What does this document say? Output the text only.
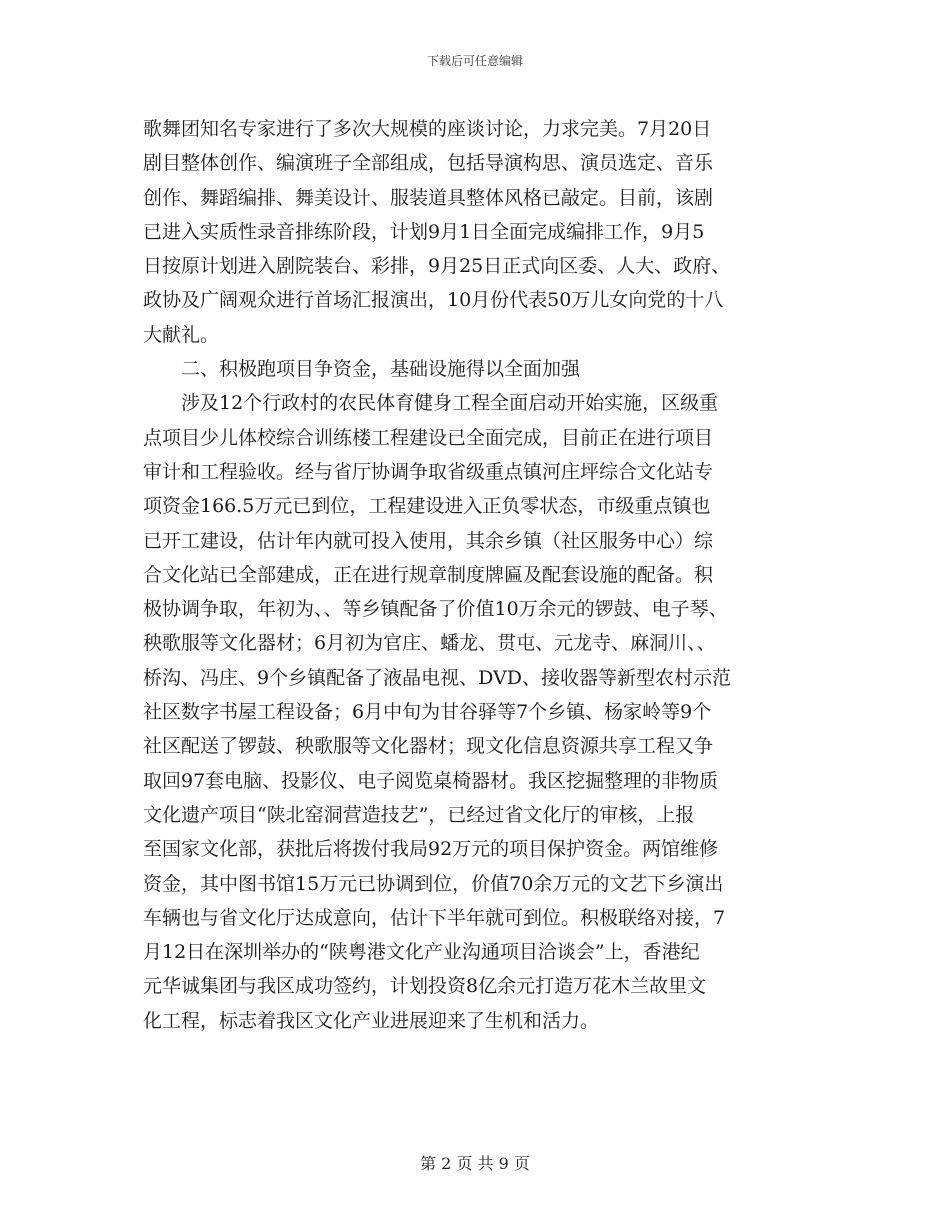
下载后可任意编辑
歌舞团知名专家进行了多次大规模的座谈讨论，力求完美。7月20日
剧目整体创作、编演班子全部组成，包括导演构思、演员选定、音乐
创作、舞蹈编排、舞美设计、服装道具整体风格已敲定。目前，该剧
已进入实质性录音排练阶段，计划9月1日全面完成编排工作，9月5
日按原计划进入剧院装台、彩排，9月25日正式向区委、人大、政府、
政协及广阔观众进行首场汇报演出，10月份代表50万儿女向党的十八
大献礼。
二、积极跑项目争资金，基础设施得以全面加强
涉及12个行政村的农民体育健身工程全面启动开始实施，区级重
点项目少儿体校综合训练楼工程建设已全面完成，目前正在进行项目
审计和工程验收。经与省厅协调争取省级重点镇河庄坪综合文化站专
项资金166.5万元已到位，工程建设进入正负零状态，市级重点镇也
已开工建设，估计年内就可投入使用，其余乡镇（社区服务中心）综
合文化站已全部建成，正在进行规章制度牌匾及配套设施的配备。积
极协调争取，年初为、、等乡镇配备了价值10万余元的锣鼓、电子琴、
秧歌服等文化器材；6月初为官庄、蟠龙、贯屯、元龙寺、麻洞川、、
桥沟、冯庄、9个乡镇配备了液晶电视、DVD、接收器等新型农村示范
社区数字书屋工程设备；6月中旬为甘谷驿等7个乡镇、杨家岭等9个
社区配送了锣鼓、秧歌服等文化器材；现文化信息资源共享工程又争
取回97套电脑、投影仪、电子阅览桌椅器材。我区挖掘整理的非物质
文化遗产项目“陕北窑洞营造技艺”，已经过省文化厅的审核，上报
至国家文化部，获批后将拨付我局92万元的项目保护资金。两馆维修
资金，其中图书馆15万元已协调到位，价值70余万元的文艺下乡演出
车辆也与省文化厅达成意向，估计下半年就可到位。积极联络对接，7
月12日在深圳举办的“陕粤港文化产业沟通项目洽谈会”上，香港纪
元华诚集团与我区成功签约，计划投资8亿余元打造万花木兰故里文
化工程，标志着我区文化产业进展迎来了生机和活力。
第 2 页 共 9 页
